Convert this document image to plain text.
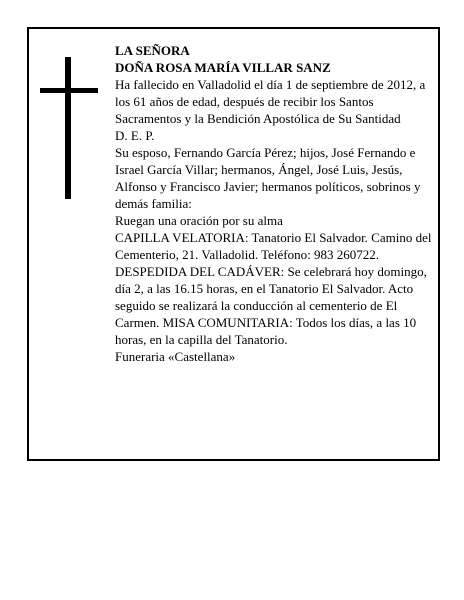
LA SEÑORA

DOÑA ROSA MARÍA VILLAR SANZ

Ha fallecido en Valladolid el día 1 de septiembre de 2012, a los 61 años de edad, después de recibir los Santos Sacramentos y la Bendición Apostólica de Su Santidad

D. E. P.

Su esposo, Fernando García Pérez; hijos, José Fernando e Israel García Villar; hermanos, Ángel, José Luis, Jesús, Alfonso y Francisco Javier; hermanos políticos, sobrinos y demás familia:

Ruegan una oración por su alma

CAPILLA VELATORIA: Tanatorio El Salvador. Camino del Cementerio, 21. Valladolid. Teléfono: 983 260722.

DESPEDIDA DEL CADÁVER: Se celebrará hoy domingo, día 2, a las 16.15 horas, en el Tanatorio El Salvador. Acto seguido se realizará la conducción al cementerio de El Carmen. MISA COMUNITARIA: Todos los días, a las 10 horas, en la capilla del Tanatorio.

Funeraria «Castellana»
